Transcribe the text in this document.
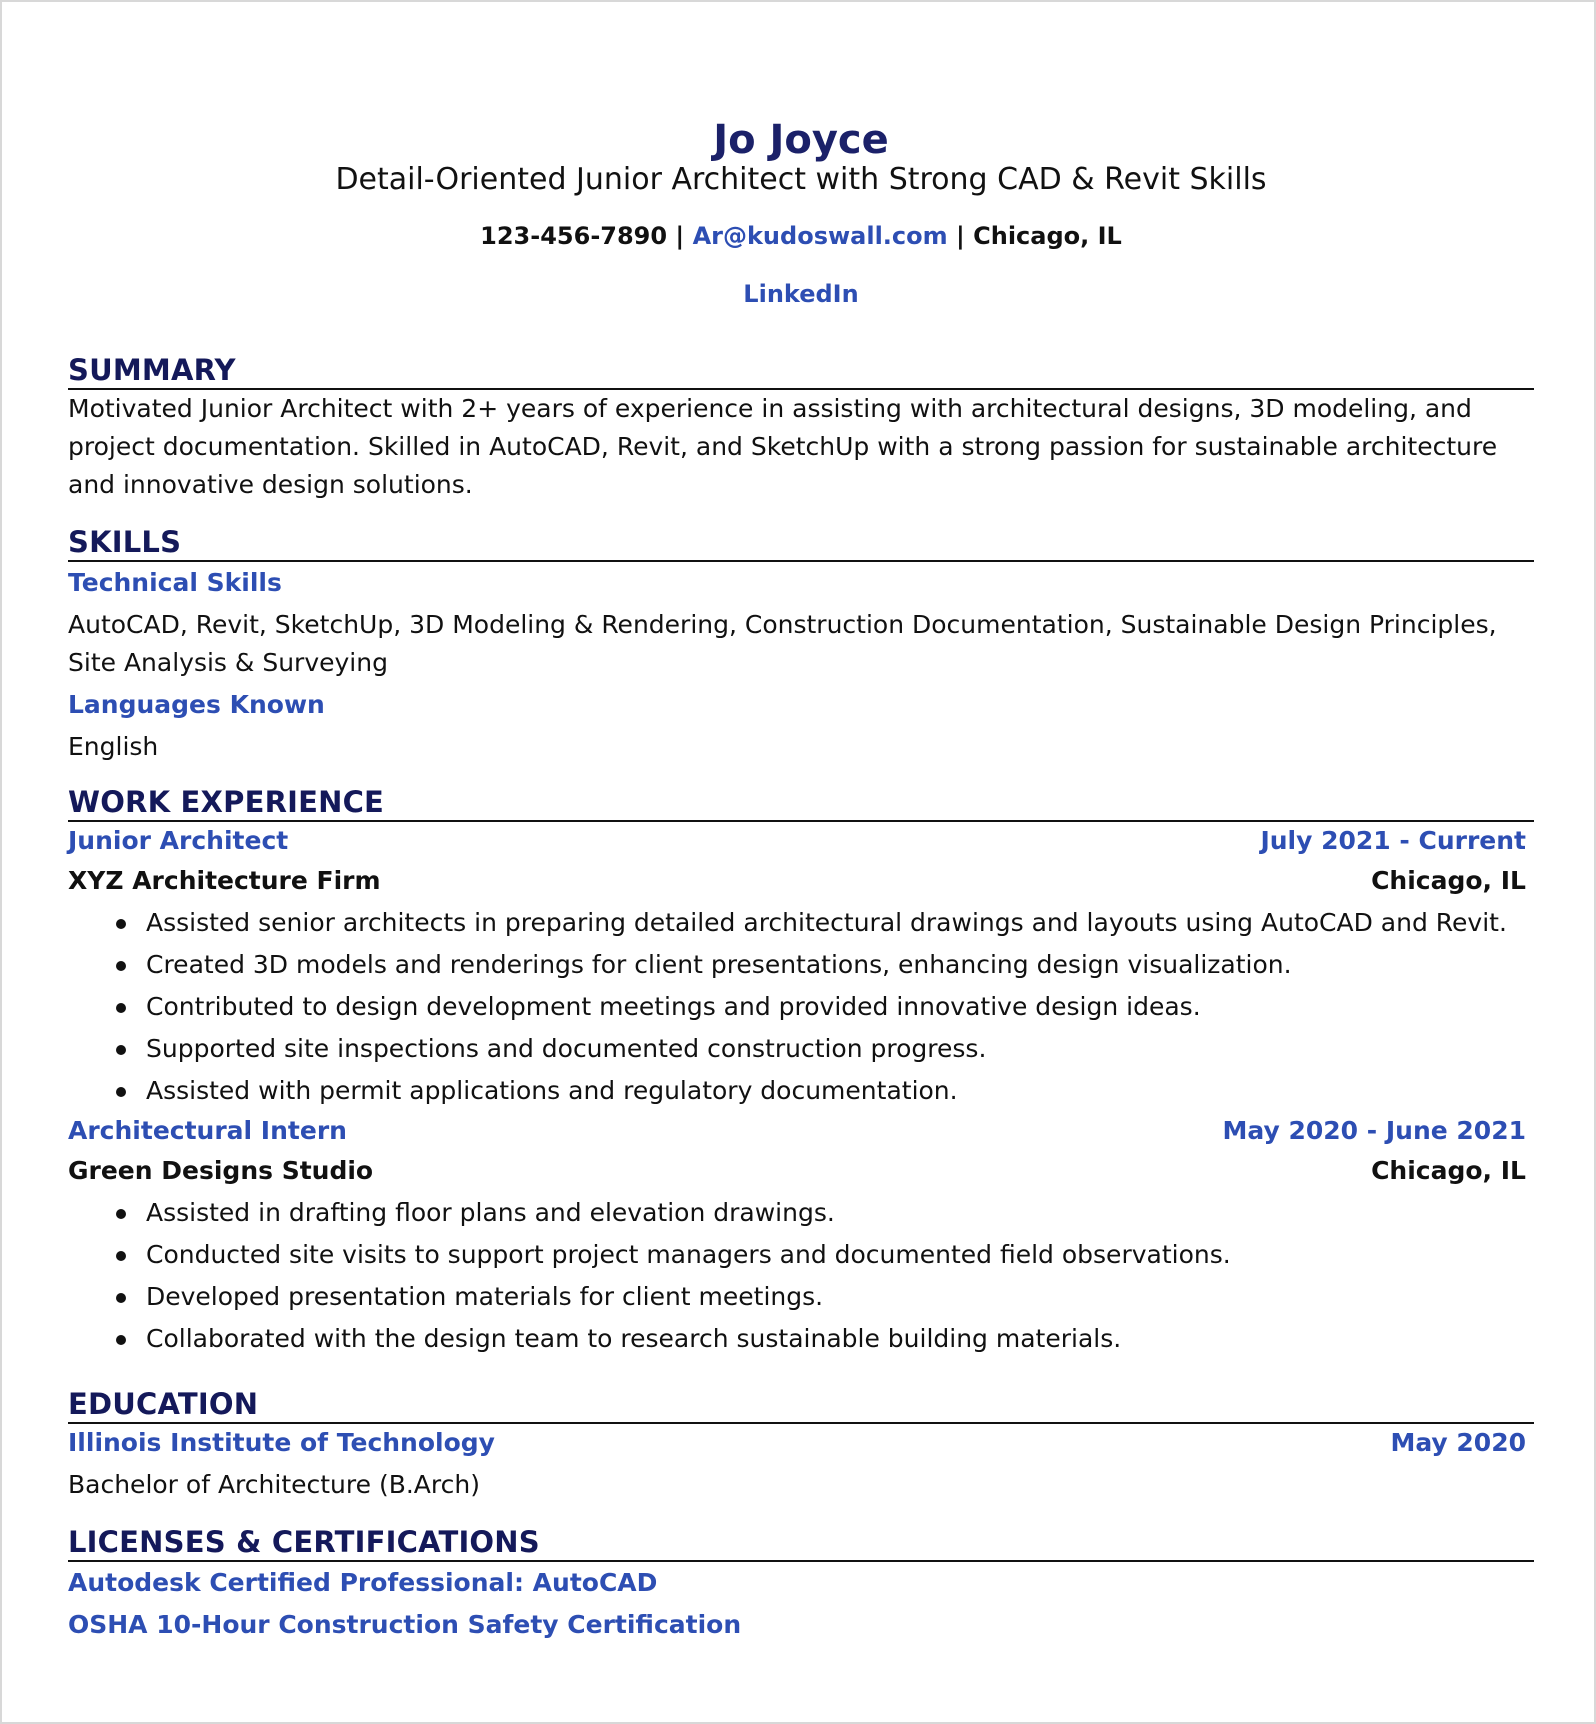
Jo Joyce
Detail-Oriented Junior Architect with Strong CAD & Revit Skills
123-456-7890 | Ar@kudoswall.com | Chicago, IL
LinkedIn
SUMMARY
Motivated Junior Architect with 2+ years of experience in assisting with architectural designs, 3D modeling, and project documentation. Skilled in AutoCAD, Revit, and SketchUp with a strong passion for sustainable architecture and innovative design solutions.
SKILLS
Technical Skills
AutoCAD, Revit, SketchUp, 3D Modeling & Rendering, Construction Documentation, Sustainable Design Principles, Site Analysis & Surveying
Languages Known
English
WORK EXPERIENCE
Junior Architect	July 2021 - Current
XYZ Architecture Firm	Chicago, IL
Assisted senior architects in preparing detailed architectural drawings and layouts using AutoCAD and Revit.
Created 3D models and renderings for client presentations, enhancing design visualization.
Contributed to design development meetings and provided innovative design ideas.
Supported site inspections and documented construction progress.
Assisted with permit applications and regulatory documentation.
Architectural Intern	May 2020 - June 2021
Green Designs Studio	Chicago, IL
Assisted in drafting floor plans and elevation drawings.
Conducted site visits to support project managers and documented field observations.
Developed presentation materials for client meetings.
Collaborated with the design team to research sustainable building materials.
EDUCATION
Illinois Institute of Technology	May 2020
Bachelor of Architecture (B.Arch)
LICENSES & CERTIFICATIONS
Autodesk Certified Professional: AutoCAD
OSHA 10-Hour Construction Safety Certification
